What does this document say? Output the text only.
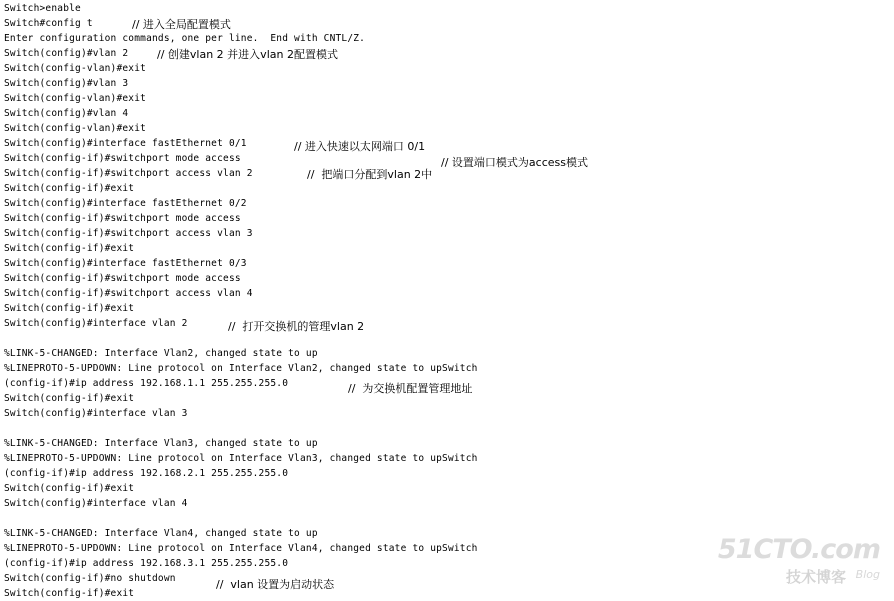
Switch>enable
Switch#config t
Enter configuration commands, one per line.  End with CNTL/Z.
Switch(config)#vlan 2
Switch(config-vlan)#exit
Switch(config)#vlan 3
Switch(config-vlan)#exit
Switch(config)#vlan 4
Switch(config-vlan)#exit
Switch(config)#interface fastEthernet 0/1
Switch(config-if)#switchport mode access
Switch(config-if)#switchport access vlan 2
Switch(config-if)#exit
Switch(config)#interface fastEthernet 0/2
Switch(config-if)#switchport mode access
Switch(config-if)#switchport access vlan 3
Switch(config-if)#exit
Switch(config)#interface fastEthernet 0/3
Switch(config-if)#switchport mode access
Switch(config-if)#switchport access vlan 4
Switch(config-if)#exit
Switch(config)#interface vlan 2
%LINK-5-CHANGED: Interface Vlan2, changed state to up
%LINEPROTO-5-UPDOWN: Line protocol on Interface Vlan2, changed state to upSwitch
(config-if)#ip address 192.168.1.1 255.255.255.0
Switch(config-if)#exit
Switch(config)#interface vlan 3
%LINK-5-CHANGED: Interface Vlan3, changed state to up
%LINEPROTO-5-UPDOWN: Line protocol on Interface Vlan3, changed state to upSwitch
(config-if)#ip address 192.168.2.1 255.255.255.0
Switch(config-if)#exit
Switch(config)#interface vlan 4
%LINK-5-CHANGED: Interface Vlan4, changed state to up
%LINEPROTO-5-UPDOWN: Line protocol on Interface Vlan4, changed state to upSwitch
(config-if)#ip address 192.168.3.1 255.255.255.0
Switch(config-if)#no shutdown
Switch(config-if)#exit
// 进入全局配置模式
// 创建vlan 2 并进入vlan 2配置模式
// 进入快速以太网端口 0/1
// 设置端口模式为access模式
//  把端口分配到vlan 2中
//  打开交换机的管理vlan 2
//  为交换机配置管理地址
//  vlan 设置为启动状态
51CTO.com
技术博客 Blog
